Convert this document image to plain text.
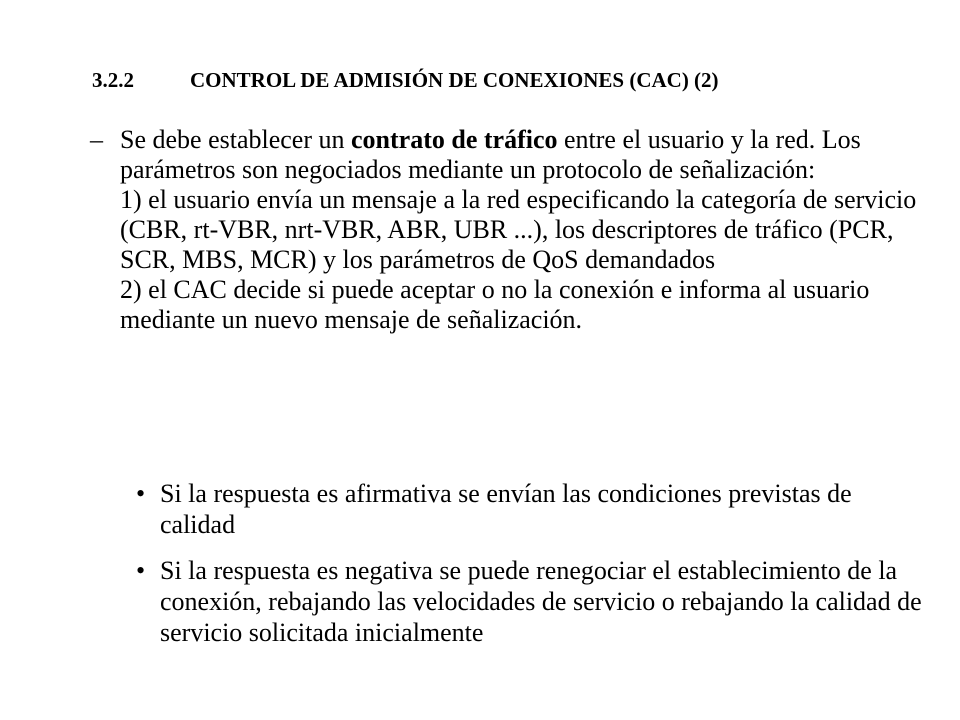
3.2.2	CONTROL DE ADMISIÓN DE CONEXIONES (CAC) (2)
– Se debe establecer un contrato de tráfico entre el usuario y la red. Los parámetros son negociados mediante un protocolo de señalización:

1) el usuario envía un mensaje a la red especificando la categoría de servicio (CBR, rt-VBR, nrt-VBR, ABR, UBR ...), los descriptores de tráfico (PCR, SCR, MBS, MCR) y los parámetros de QoS demandados

2) el CAC decide si puede aceptar o no la conexión e informa al usuario mediante un nuevo mensaje de señalización.

• Si la respuesta es afirmativa se envían las condiciones previstas de calidad
• Si la respuesta es negativa se puede renegociar el establecimiento de la conexión, rebajando las velocidades de servicio o rebajando la calidad de servicio solicitada inicialmente
